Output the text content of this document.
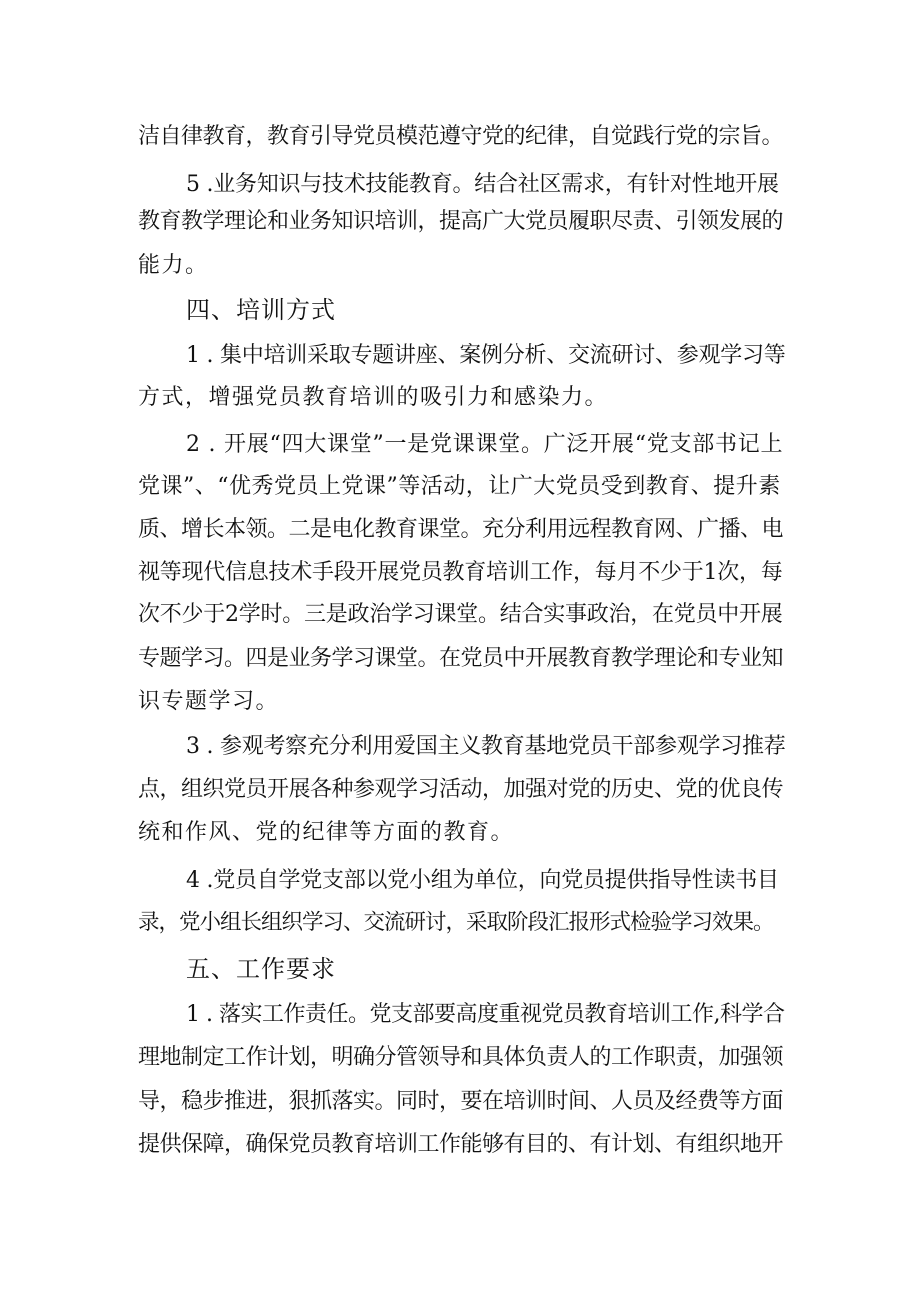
洁自律教育，教育引导党员模范遵守党的纪律，自觉践行党的宗旨。
5 .业务知识与技术技能教育。结合社区需求，有针对性地开展
教育教学理论和业务知识培训，提高广大党员履职尽责、引领发展的
能力。
四、培训方式
1 . 集中培训采取专题讲座、案例分析、交流研讨、参观学习等
方式，增强党员教育培训的吸引力和感染力。
2 . 开展“四大课堂”一是党课课堂。广泛开展“党支部书记上
党课”、“优秀党员上党课”等活动，让广大党员受到教育、提升素
质、增长本领。二是电化教育课堂。充分利用远程教育网、广播、电
视等现代信息技术手段开展党员教育培训工作，每月不少于1次，每
次不少于2学时。三是政治学习课堂。结合实事政治，在党员中开展
专题学习。四是业务学习课堂。在党员中开展教育教学理论和专业知
识专题学习。
3 . 参观考察充分利用爱国主义教育基地党员干部参观学习推荐
点，组织党员开展各种参观学习活动，加强对党的历史、党的优良传
统和作风、党的纪律等方面的教育。
4 .党员自学党支部以党小组为单位，向党员提供指导性读书目
录，党小组长组织学习、交流研讨，采取阶段汇报形式检验学习效果。
五、工作要求
1 . 落实工作责任。党支部要高度重视党员教育培训工作,科学合
理地制定工作计划，明确分管领导和具体负责人的工作职责，加强领
导，稳步推进，狠抓落实。同时，要在培训时间、人员及经费等方面
提供保障，确保党员教育培训工作能够有目的、有计划、有组织地开
